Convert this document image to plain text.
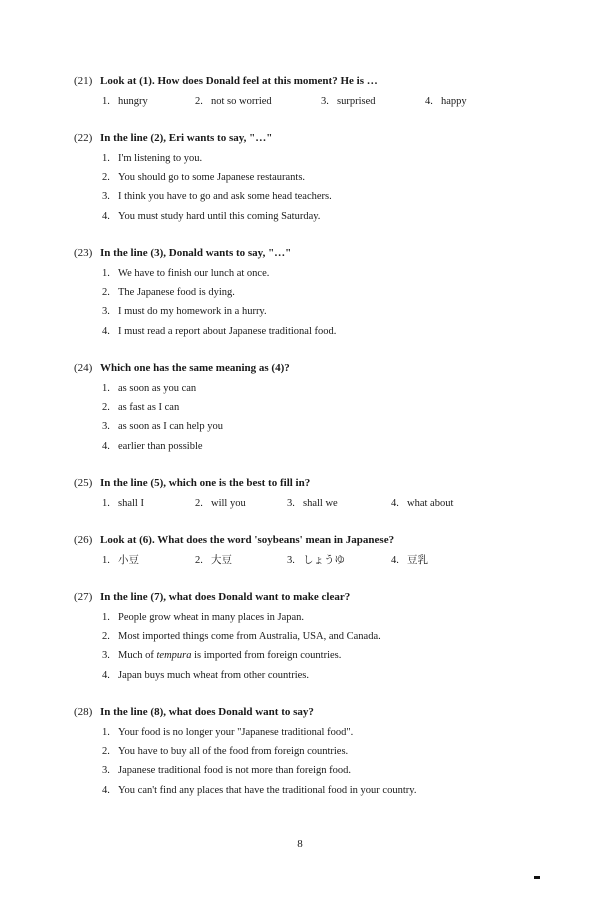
(21) Look at (1). How does Donald feel at this moment? He is …
1. hungry	2. not so worried	3. surprised	4. happy
(22) In the line (2), Eri wants to say, "…"
1. I'm listening to you.
2. You should go to some Japanese restaurants.
3. I think you have to go and ask some head teachers.
4. You must study hard until this coming Saturday.
(23) In the line (3), Donald wants to say, "…"
1. We have to finish our lunch at once.
2. The Japanese food is dying.
3. I must do my homework in a hurry.
4. I must read a report about Japanese traditional food.
(24) Which one has the same meaning as (4)?
1. as soon as you can
2. as fast as I can
3. as soon as I can help you
4. earlier than possible
(25) In the line (5), which one is the best to fill in?
1. shall I	2. will you	3. shall we	4. what about
(26) Look at (6). What does the word 'soybeans' mean in Japanese?
1. 小豆	2. 大豆	3. しょうゆ	4. 豆乳
(27) In the line (7), what does Donald want to make clear?
1. People grow wheat in many places in Japan.
2. Most imported things come from Australia, USA, and Canada.
3. Much of tempura is imported from foreign countries.
4. Japan buys much wheat from other countries.
(28) In the line (8), what does Donald want to say?
1. Your food is no longer your "Japanese traditional food".
2. You have to buy all of the food from foreign countries.
3. Japanese traditional food is not more than foreign food.
4. You can't find any places that have the traditional food in your country.
8
